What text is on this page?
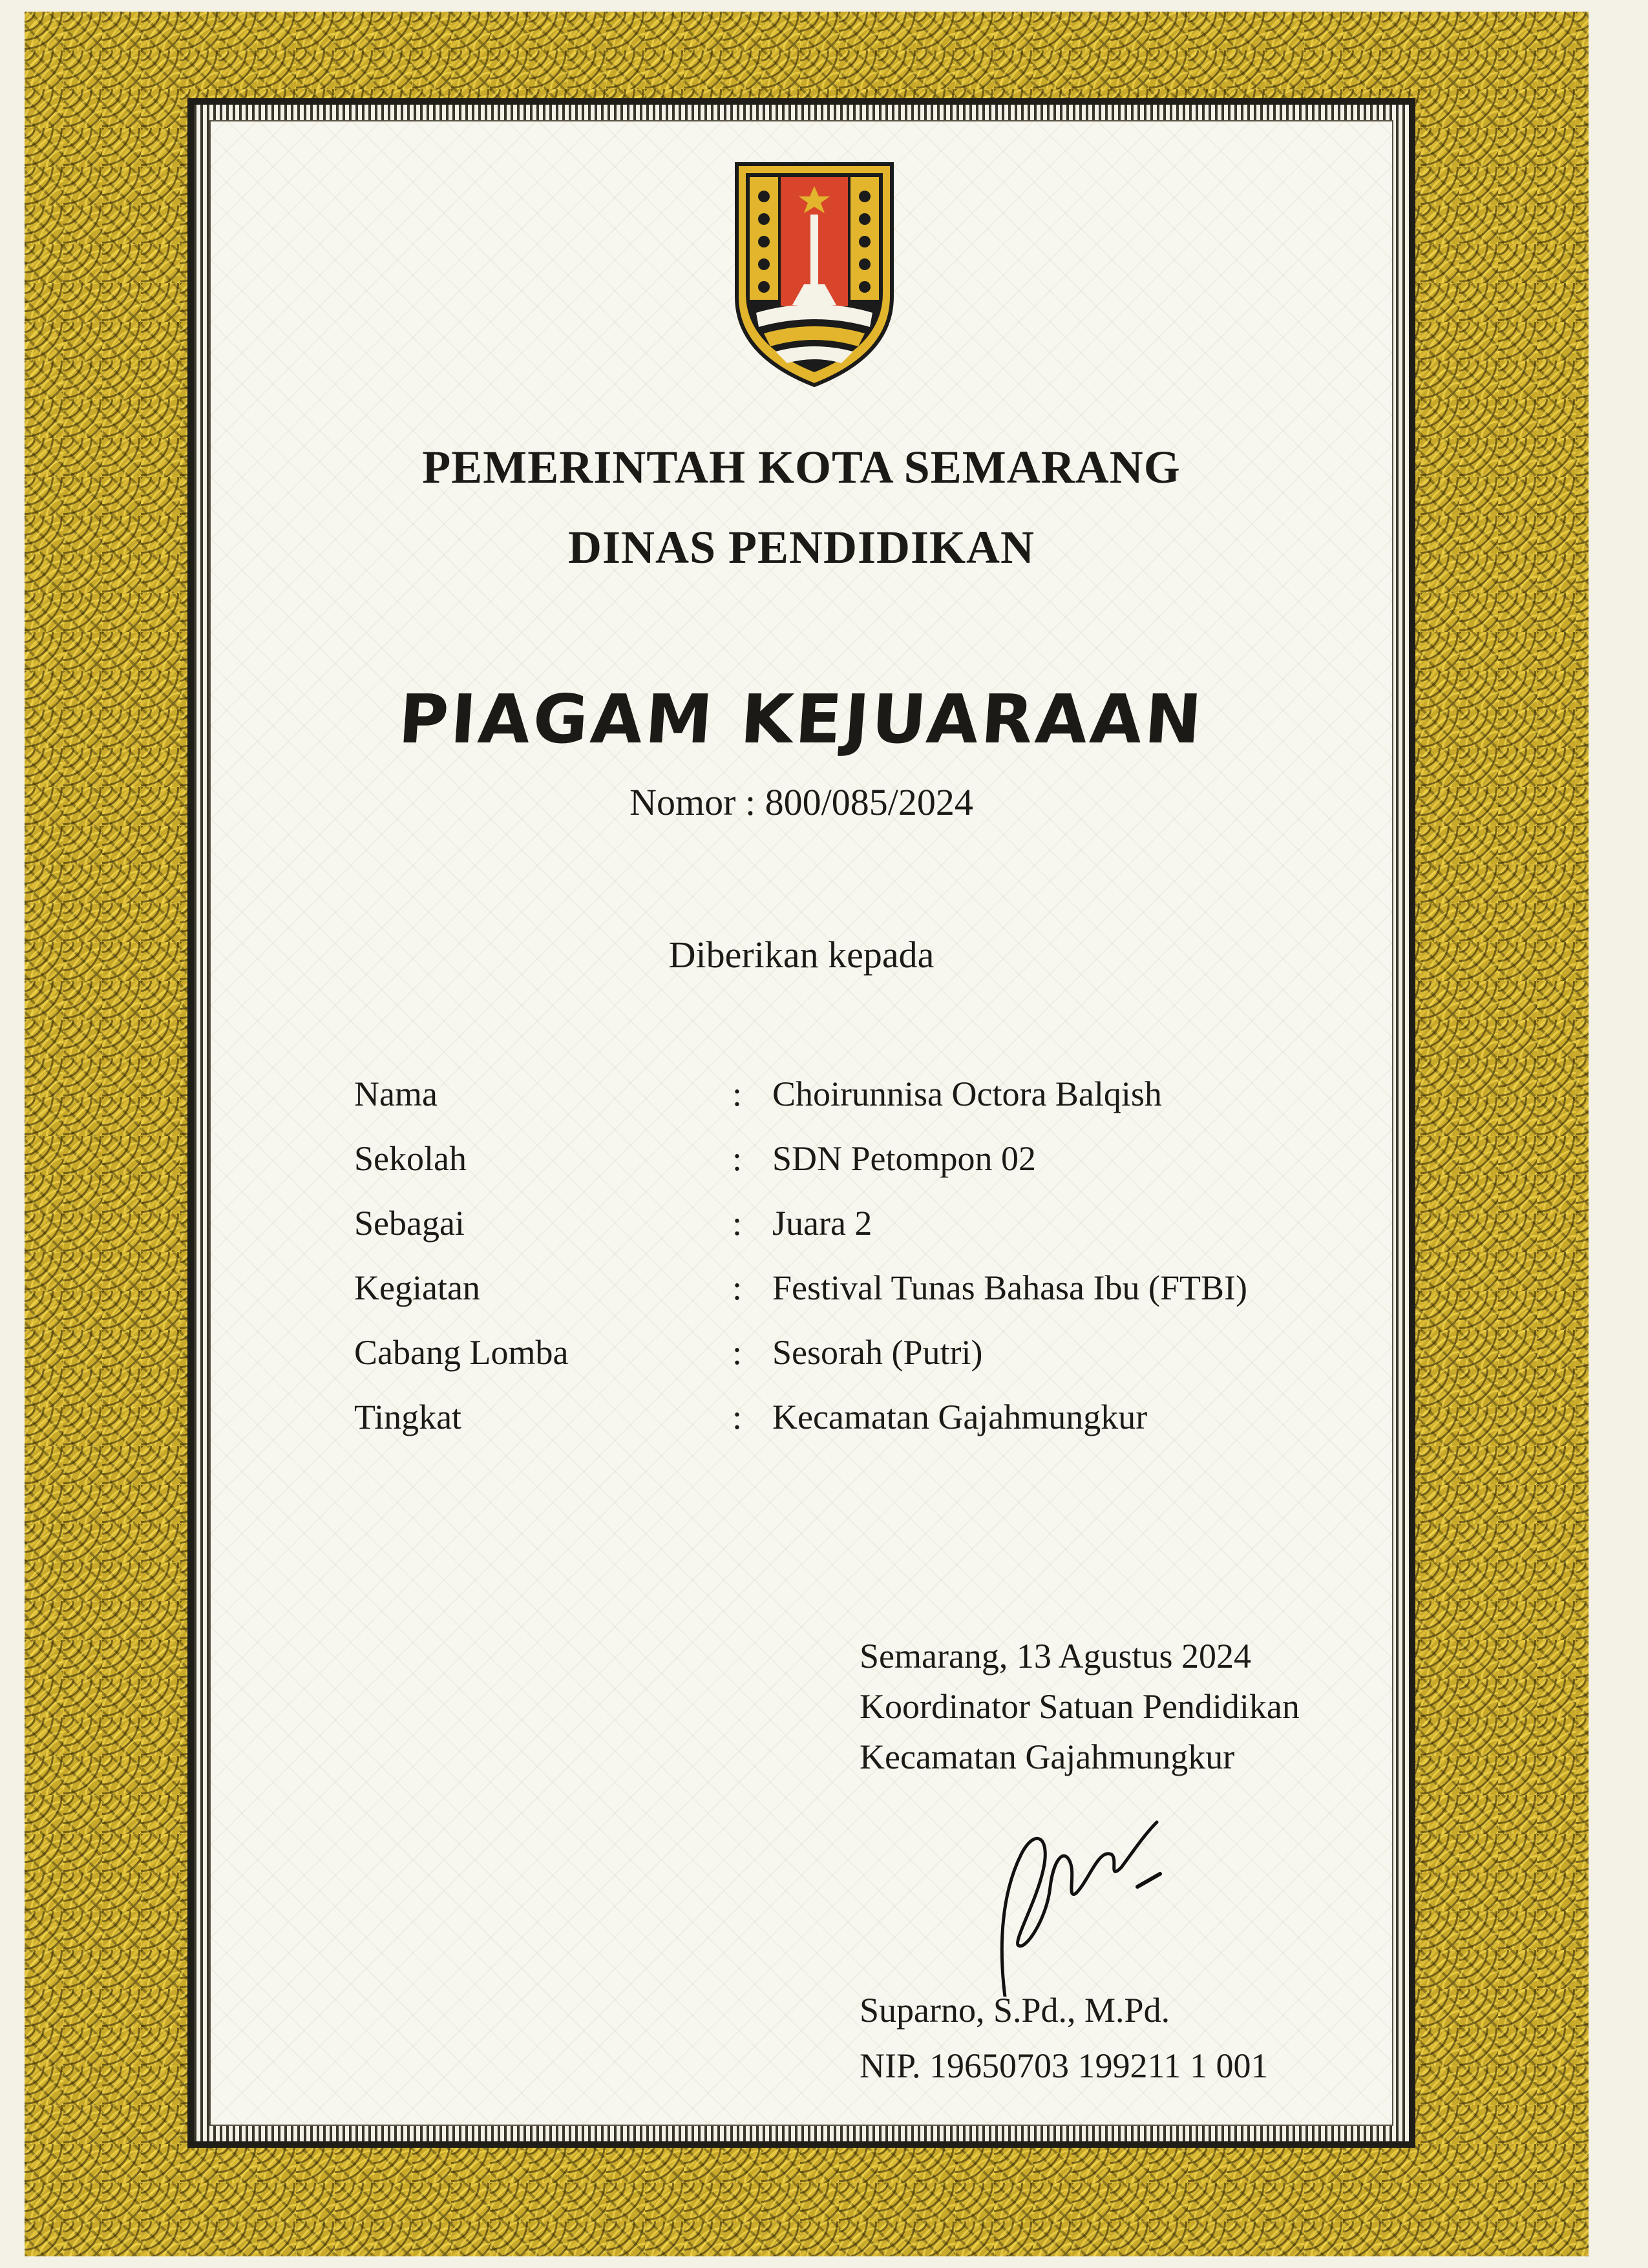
PEMERINTAH KOTA SEMARANG
DINAS PENDIDIKAN
PIAGAM KEJUARAAN
Nomor : 800/085/2024
Diberikan kepada
Nama	: Choirunnisa Octora Balqish
Sekolah	: SDN Petompon 02
Sebagai	: Juara 2
Kegiatan	: Festival Tunas Bahasa Ibu (FTBI)
Cabang Lomba	: Sesorah (Putri)
Tingkat	: Kecamatan Gajahmungkur
Semarang, 13 Agustus 2024
Koordinator Satuan Pendidikan
Kecamatan Gajahmungkur
Suparno, S.Pd., M.Pd.
NIP. 19650703 199211 1 001
